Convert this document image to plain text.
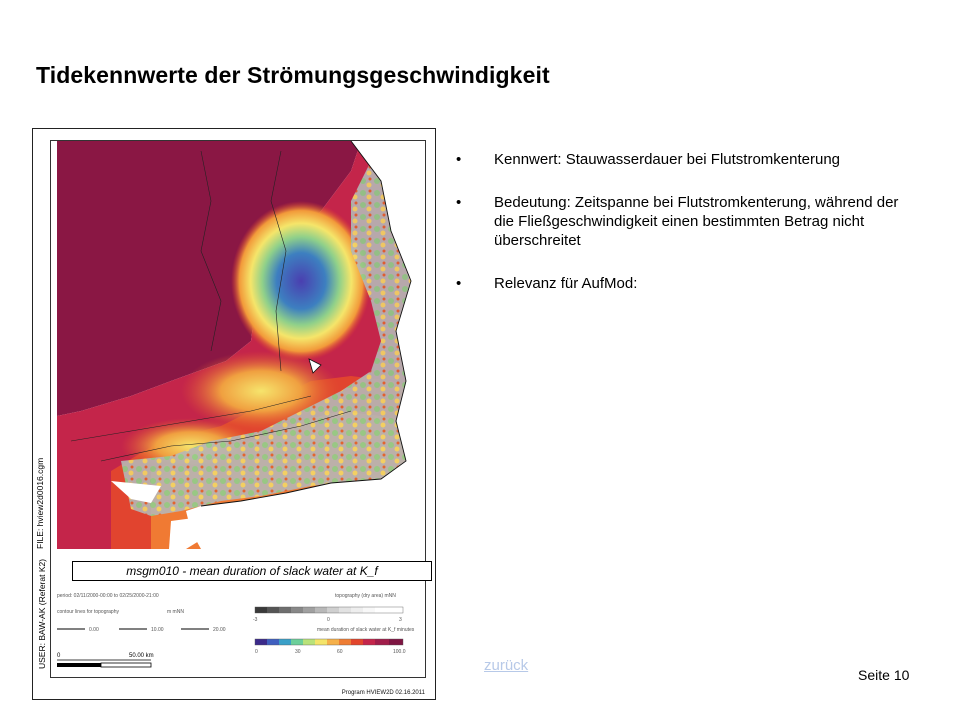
Tidekennwerte der Strömungsgeschwindigkeit
FILE: hview2d0016.cgm
USER: BAW-AK (Referat K2)	msgm010 - mean duration of slack water at K_f
period: 02/11/2000-00:00 to 02/25/2000-21:00
contour lines for topography	m mNN
0.00	10.00	20.00
topography (dry area) mNN
-3	0	3
mean duration of slack water at K_f minutes
0	30	60	100.0
0	50.00 km
Program HVIEW2D 02.16.2011
• Kennwert: Stauwasserdauer bei Flutstromkenterung
• Bedeutung: Zeitspanne bei Flutstromkenterung, während der die Fließgeschwindigkeit einen bestimmten Betrag nicht überschreitet
• Relevanz für AufMod:
zurück
Seite 10
